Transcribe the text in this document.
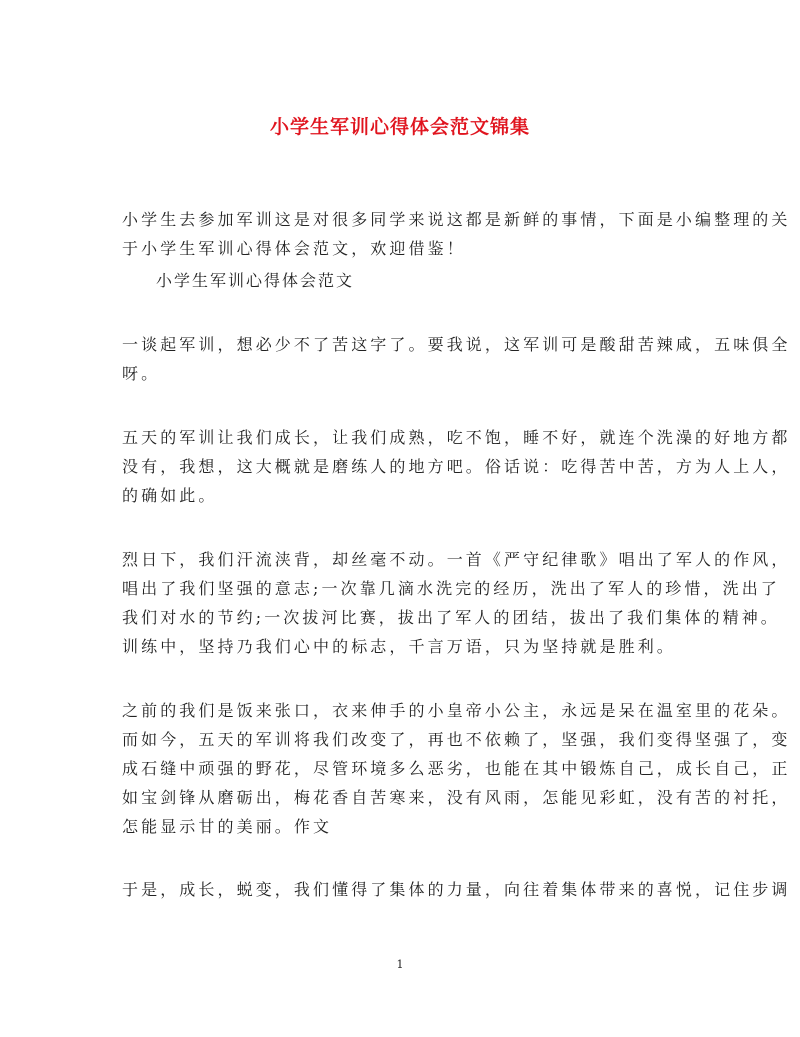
小学生军训心得体会范文锦集
小学生去参加军训这是对很多同学来说这都是新鲜的事情，下面是小编整理的关
于小学生军训心得体会范文，欢迎借鉴！
小学生军训心得体会范文
一谈起军训，想必少不了苦这字了。要我说，这军训可是酸甜苦辣咸，五味俱全
呀。
五天的军训让我们成长，让我们成熟，吃不饱，睡不好，就连个洗澡的好地方都
没有，我想，这大概就是磨练人的地方吧。俗话说：吃得苦中苦，方为人上人，
的确如此。
烈日下，我们汗流浃背，却丝毫不动。一首《严守纪律歌》唱出了军人的作风，
唱出了我们坚强的意志;一次靠几滴水洗完的经历，洗出了军人的珍惜，洗出了
我们对水的节约;一次拔河比赛，拔出了军人的团结，拔出了我们集体的精神。
训练中，坚持乃我们心中的标志，千言万语，只为坚持就是胜利。
之前的我们是饭来张口，衣来伸手的小皇帝小公主，永远是呆在温室里的花朵。
而如今，五天的军训将我们改变了，再也不依赖了，坚强，我们变得坚强了，变
成石缝中顽强的野花，尽管环境多么恶劣，也能在其中锻炼自己，成长自己，正
如宝剑锋从磨砺出，梅花香自苦寒来，没有风雨，怎能见彩虹，没有苦的衬托，
怎能显示甘的美丽。作文
于是，成长，蜕变，我们懂得了集体的力量，向往着集体带来的喜悦，记住步调
1
